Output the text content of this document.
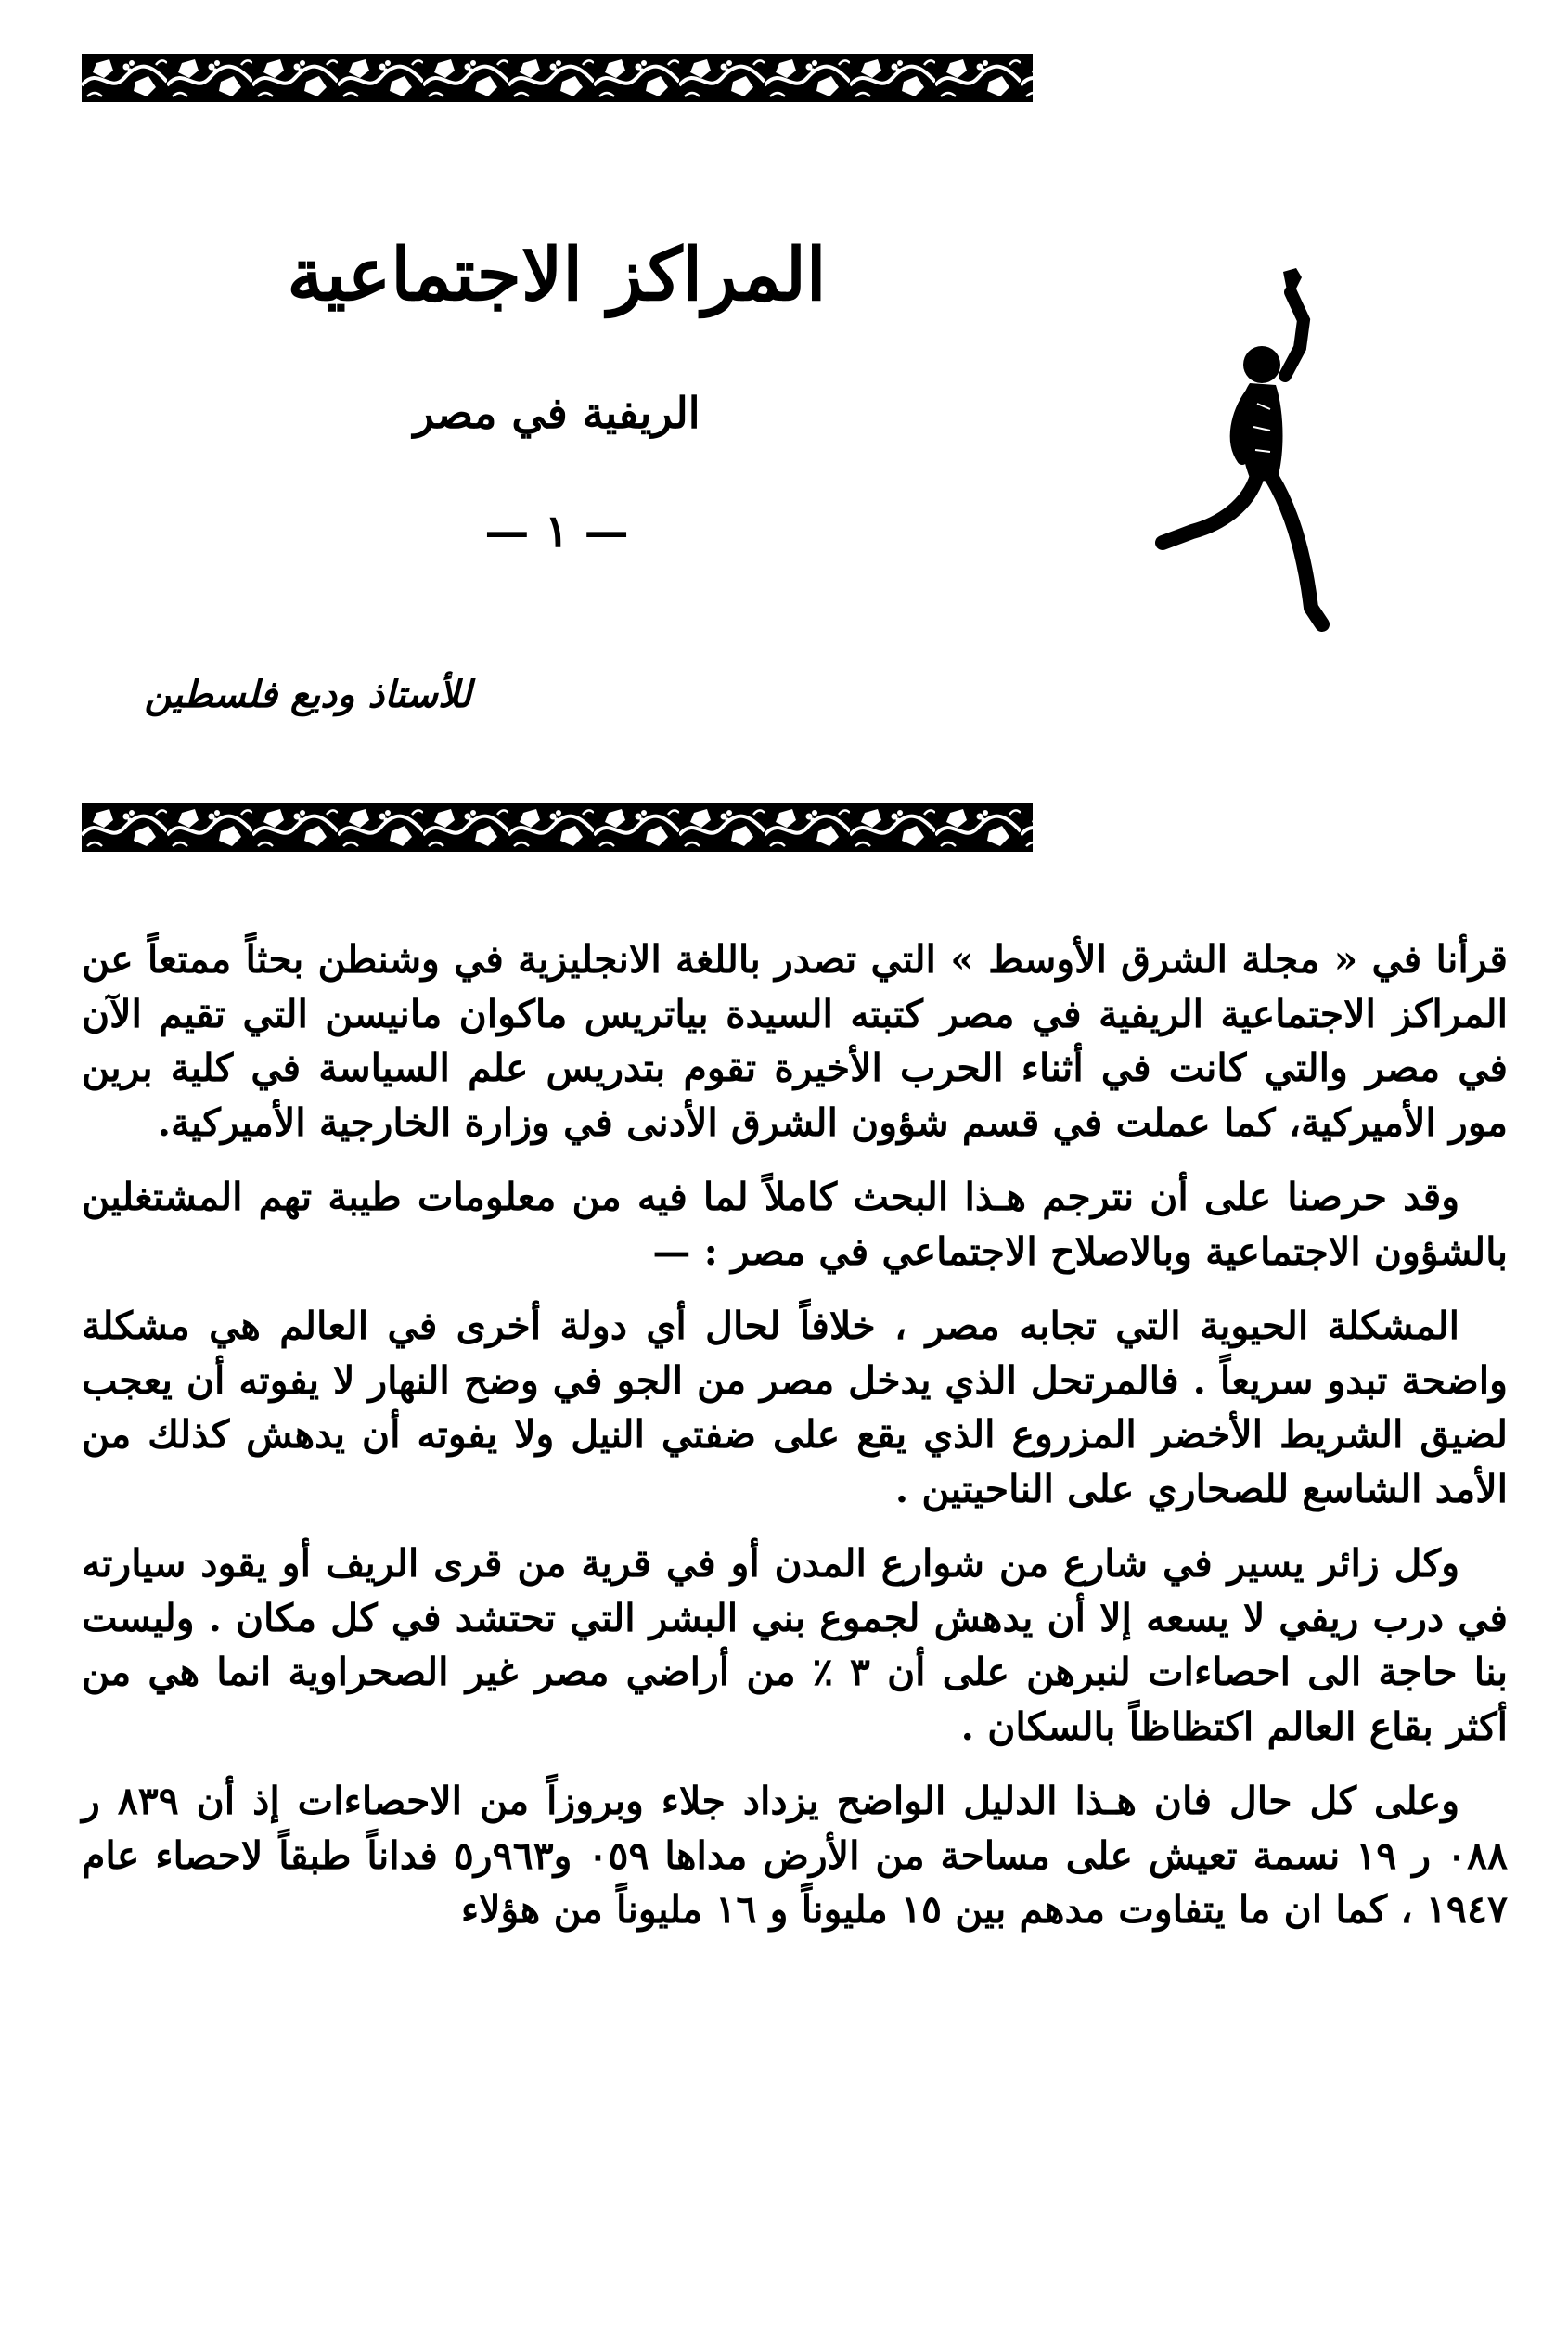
المراكز الاجتماعية
الريفية في مصر
— ١ —
للأستاذ وديع فلسطين

قرأنا في « مجلة الشرق الأوسط » التي تصدر باللغة الانجليزية في وشنطن بحثاً ممتعاً عن المراكز الاجتماعية الريفية في مصر كتبته السيدة بياتريس ماكوان مانيسن التي تقيم الآن في مصر والتي كانت في أثناء الحرب الأخيرة تقوم بتدريس علم السياسة في كلية برين مور الأميركية، كما عملت في قسم شؤون الشرق الأدنى في وزارة الخارجية الأميركية.

وقد حرصنا على أن نترجم هـذا البحث كاملاً لما فيه من معلومات طيبة تهم المشتغلين بالشؤون الاجتماعية وبالاصلاح الاجتماعي في مصر : —

المشكلة الحيوية التي تجابه مصر ، خلافاً لحال أي دولة أخرى في العالم هي مشكلة واضحة تبدو سريعاً . فالمرتحل الذي يدخل مصر من الجو في وضح النهار لا يفوته أن يعجب لضيق الشريط الأخضر المزروع الذي يقع على ضفتي النيل ولا يفوته أن يدهش كذلك من الأمد الشاسع للصحاري على الناحيتين .

وكل زائر يسير في شارع من شوارع المدن أو في قرية من قرى الريف أو يقود سيارته في درب ريفي لا يسعه إلا أن يدهش لجموع بني البشر التي تحتشد في كل مكان . وليست بنا حاجة الى احصاءات لنبرهن على أن ٣ ٪ من أراضي مصر غير الصحراوية انما هي من أكثر بقاع العالم اكتظاظاً بالسكان .

وعلى كل حال فان هـذا الدليل الواضح يزداد جلاء وبروزاً من الاحصاءات إذ أن ٨٣٩ ر ٠٨٨ ر ١٩ نسمة تعيش على مساحة من الأرض مداها ٠٥٩ و٩٦٣ر٥ فداناً طبقاً لاحصاء عام ١٩٤٧ ، كما ان ما يتفاوت مدهم بين ١٥ مليوناً و ١٦ مليوناً من هؤلاء
